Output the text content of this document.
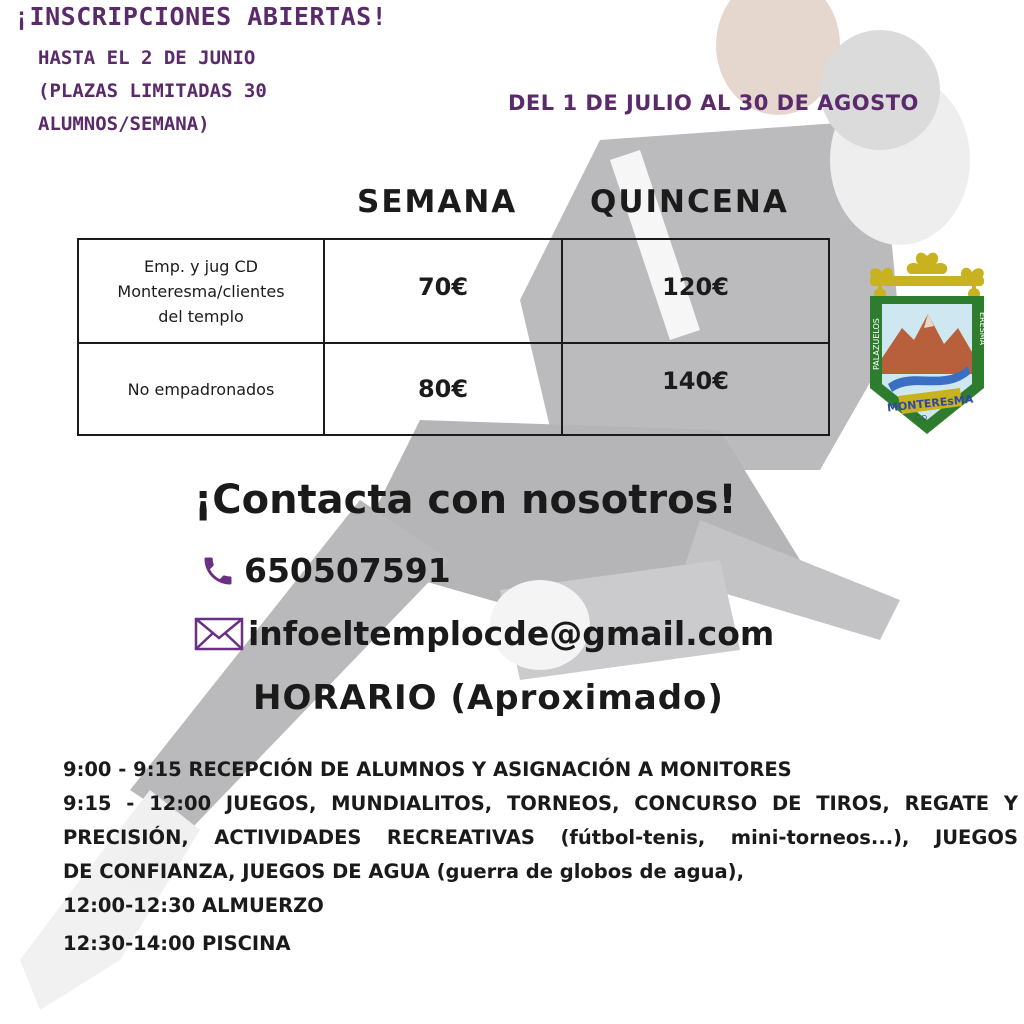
¡INSCRIPCIONES ABIERTAS!
HASTA EL 2 DE JUNIO
(PLAZAS LIMITADAS 30
ALUMNOS/SEMANA)
DEL 1 DE JULIO AL 30 DE AGOSTO
SEMANA QUINCENA
Emp. y jug CD
Monteresma/clientes
del templo	70€	120€

No empadronados	80€	140€
MONTEREsMA
C.D.
PALAZUELOS	ERESMA
¡Contacta con nosotros!
650507591
infoeltemplocde@gmail.com
HORARIO (Aproximado)
9:00 - 9:15 RECEPCIÓN DE ALUMNOS Y ASIGNACIÓN A MONITORES
9:15 - 12:00 JUEGOS, MUNDIALITOS, TORNEOS, CONCURSO DE TIROS, REGATE Y
PRECISIÓN, ACTIVIDADES RECREATIVAS (fútbol-tenis, mini-torneos...), JUEGOS
DE CONFIANZA, JUEGOS DE AGUA (guerra de globos de agua),
12:00-12:30 ALMUERZO
12:30-14:00 PISCINA
